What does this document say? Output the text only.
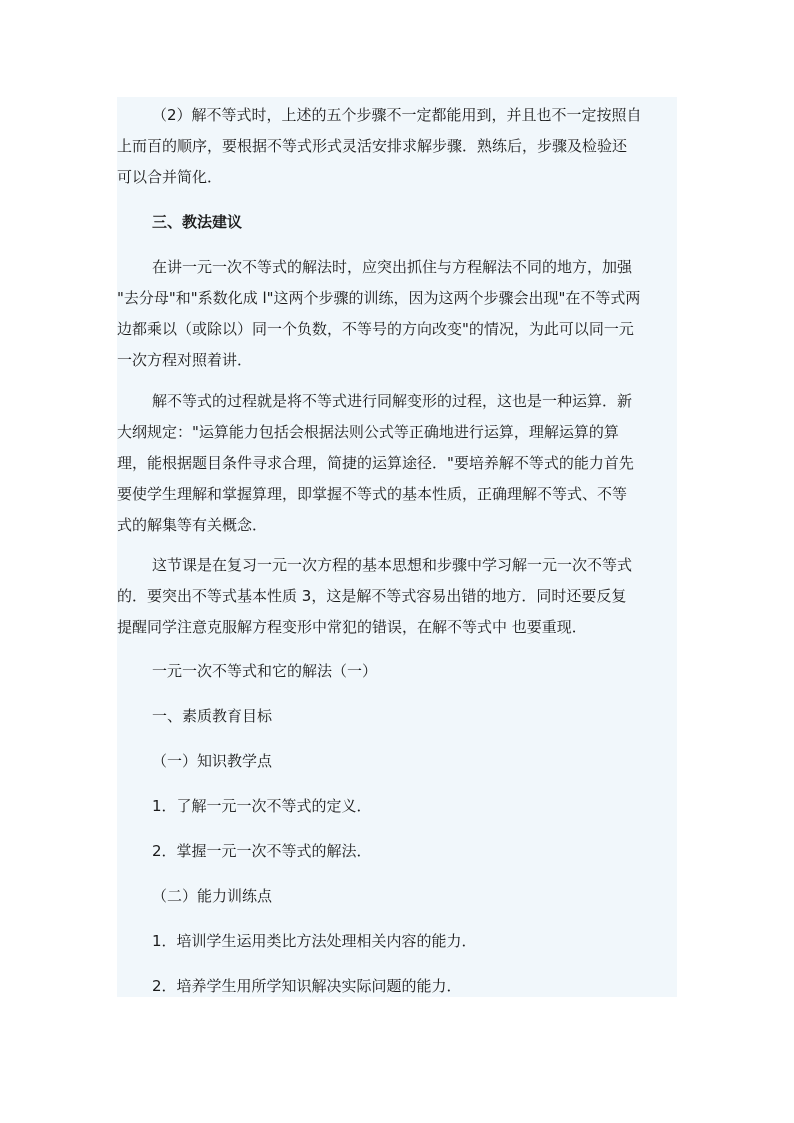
（2）解不等式时，上述的五个步骤不一定都能用到，并且也不一定按照自
上而百的顺序，要根据不等式形式灵活安排求解步骤．熟练后，步骤及检验还
可以合并简化．
三、教法建议
在讲一元一次不等式的解法时，应突出抓住与方程解法不同的地方，加强
"去分母"和"系数化成 l"这两个步骤的训练，因为这两个步骤会出现"在不等式两
边都乘以（或除以）同一个负数，不等号的方向改变"的情况，为此可以同一元
一次方程对照着讲．
解不等式的过程就是将不等式进行同解变形的过程，这也是一种运算．新
大纲规定："运算能力包括会根据法则公式等正确地进行运算，理解运算的算
理，能根据题目条件寻求合理，简捷的运算途径．"要培养解不等式的能力首先
要使学生理解和掌握算理，即掌握不等式的基本性质，正确理解不等式、不等
式的解集等有关概念．
这节课是在复习一元一次方程的基本思想和步骤中学习解一元一次不等式
的．要突出不等式基本性质 3，这是解不等式容易出错的地方．同时还要反复
提醒同学注意克服解方程变形中常犯的错误，在解不等式中 也要重现．
一元一次不等式和它的解法（一）
一、素质教育目标
（一）知识教学点
1．了解一元一次不等式的定义．
2．掌握一元一次不等式的解法．
（二）能力训练点
1．培训学生运用类比方法处理相关内容的能力．
2．培养学生用所学知识解决实际问题的能力．
